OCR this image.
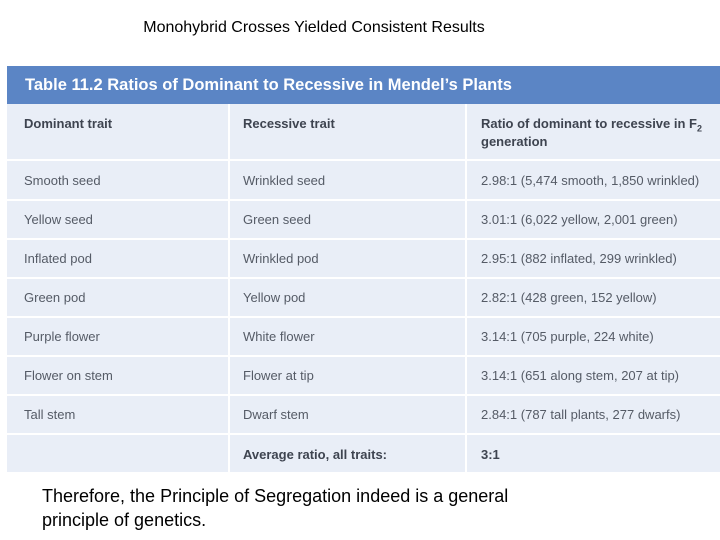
Monohybrid Crosses Yielded Consistent Results
Table 11.2 Ratios of Dominant to Recessive in Mendel’s Plants
Dominant trait	Recessive trait	Ratio of dominant to recessive in $F_2$ generation
Smooth seed	Wrinkled seed	2.98:1 (5,474 smooth, 1,850 wrinkled)
Yellow seed	Green seed	3.01:1 (6,022 yellow, 2,001 green)
Inflated pod	Wrinkled pod	2.95:1 (882 inflated, 299 wrinkled)
Green pod	Yellow pod	2.82:1 (428 green, 152 yellow)
Purple flower	White flower	3.14:1 (705 purple, 224 white)
Flower on stem	Flower at tip	3.14:1 (651 along stem, 207 at tip)
Tall stem	Dwarf stem	2.84:1 (787 tall plants, 277 dwarfs)
	Average ratio, all traits:	3:1
Therefore, the Principle of Segregation indeed is a general principle of genetics.
